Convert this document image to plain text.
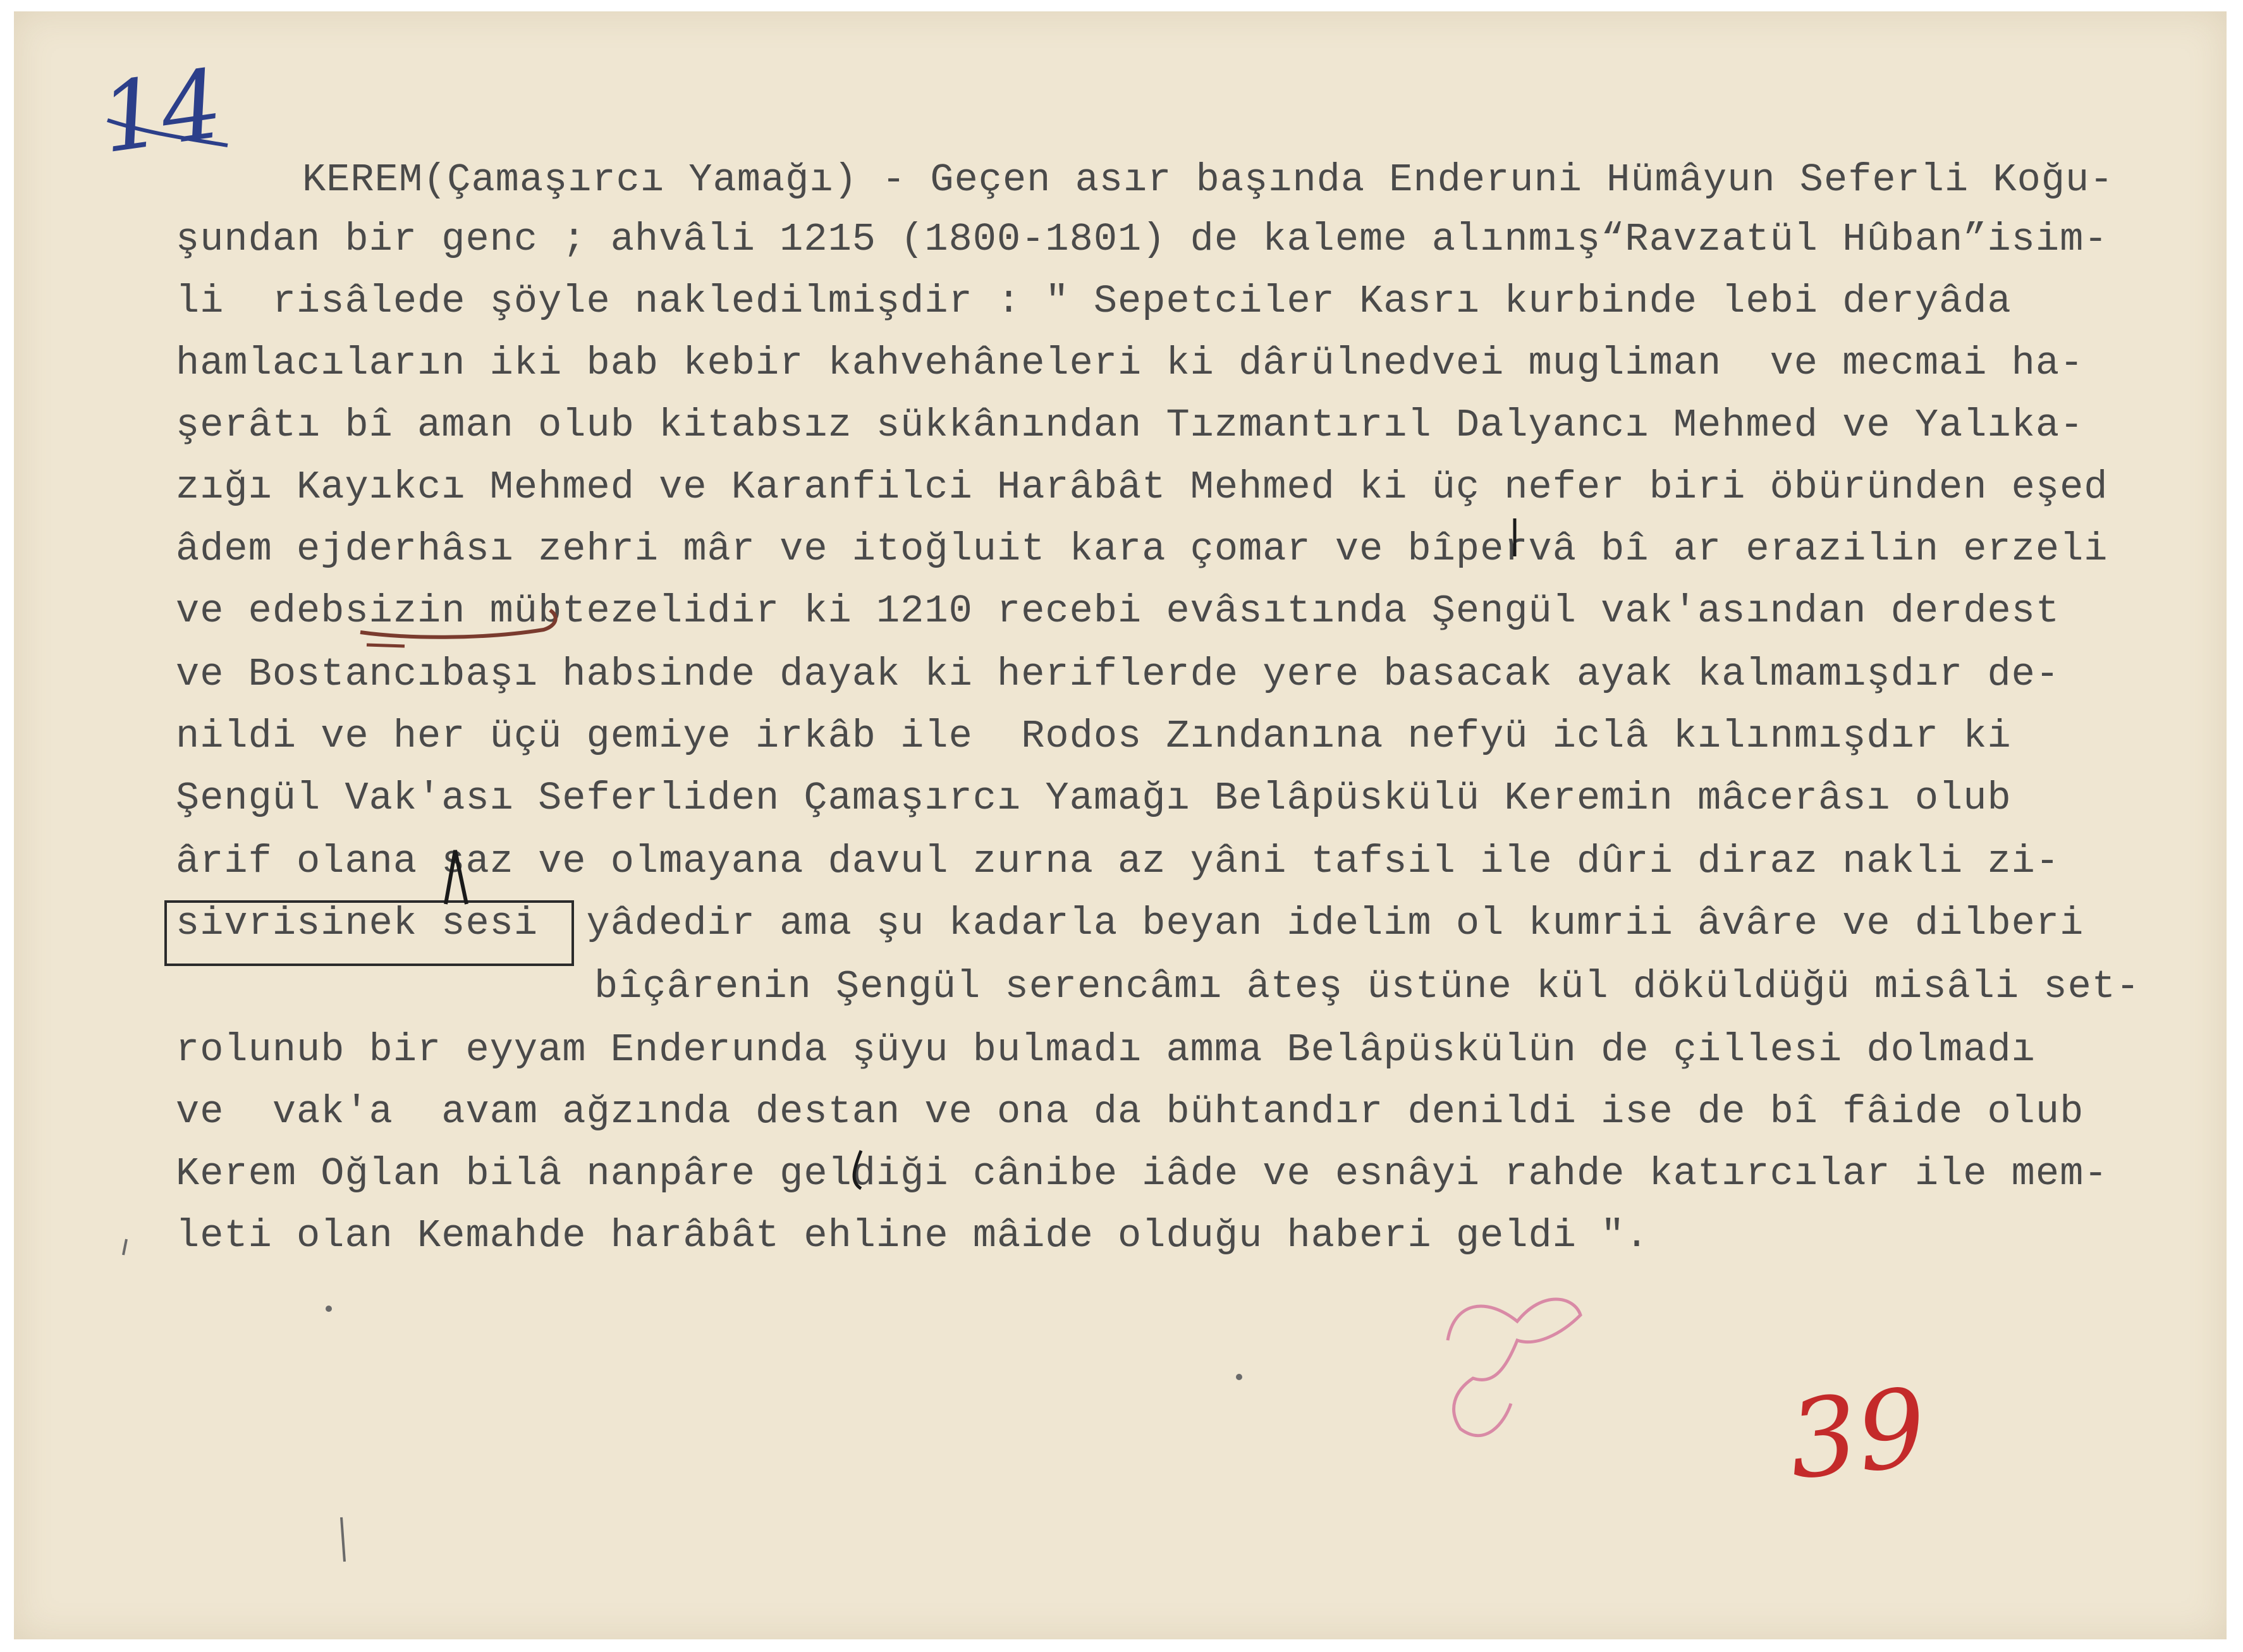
14
KEREM(Çamaşırcı Yamağı) - Geçen asır başında Enderuni Hümâyun Seferli Koğu-
şundan bir genc ; ahvâli 1215 (1800-1801) de kaleme alınmış“Ravzatül Hûban”isim-
li  risâlede şöyle nakledilmişdir : " Sepetciler Kasrı kurbinde lebi deryâda
hamlacıların iki bab kebir kahvehâneleri ki dârülnedvei mugliman  ve mecmai ha-
şerâtı bî aman olub kitabsız sükkânından Tızmantırıl Dalyancı Mehmed ve Yalıka-
zığı Kayıkcı Mehmed ve Karanfilci Harâbât Mehmed ki üç nefer biri öbüründen eşed
âdem ejderhâsı zehri mâr ve itoğluit kara çomar ve bîpervâ bî ar erazilin erzeli
ve edebsizin mübtezelidir ki 1210 recebi evâsıtında Şengül vak'asından derdest
ve Bostancıbaşı habsinde dayak ki heriflerde yere basacak ayak kalmamışdır de-
nildi ve her üçü gemiye irkâb ile  Rodos Zındanına nefyü iclâ kılınmışdır ki
Şengül Vak'ası Seferliden Çamaşırcı Yamağı Belâpüskülü Keremin mâcerâsı olub
ârif olana saz ve olmayana davul zurna az yâni tafsil ile dûri diraz nakli zi-
sivrisinek sesi  yâdedir ama şu kadarla beyan idelim ol kumrii âvâre ve dilberi
bîçârenin Şengül serencâmı âteş üstüne kül döküldüğü misâli set-
rolunub bir eyyam Enderunda şüyu bulmadı amma Belâpüskülün de çillesi dolmadı
ve  vak'a  avam ağzında destan ve ona da bühtandır denildi ise de bî fâide olub
Kerem Oğlan bilâ nanpâre geldiği cânibe iâde ve esnâyi rahde katırcılar ile mem-
leti olan Kemahde harâbât ehline mâide olduğu haberi geldi ".
39
